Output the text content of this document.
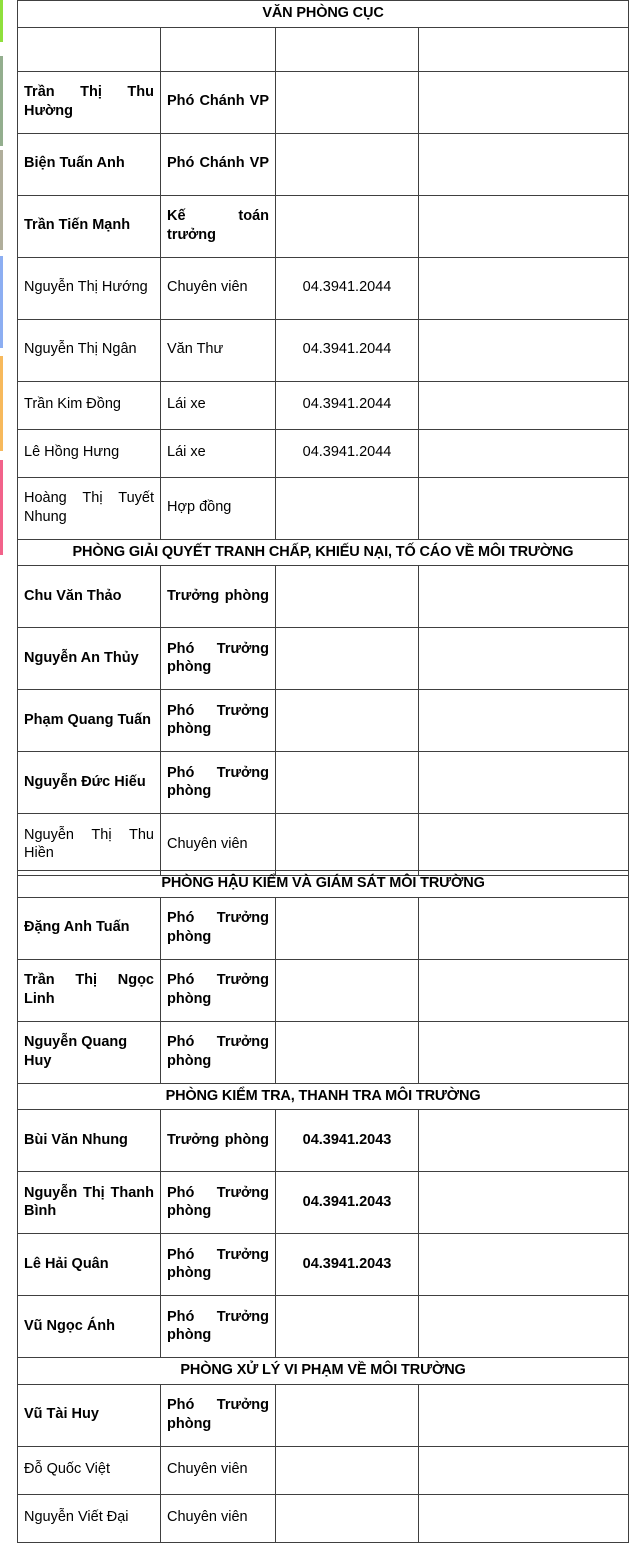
VĂN PHÒNG CỤC			

Trần Thị Thu Hường	Phó Chánh VP		
Biện Tuấn Anh	Phó Chánh VP		
Trần Tiến Mạnh	Kế toán trưởng		
Nguyễn Thị Hướng	Chuyên viên	04.3941.2044	
Nguyễn Thị Ngân	Văn Thư	04.3941.2044	
Trần Kim Đồng	Lái xe	04.3941.2044	
Lê Hồng Hưng	Lái xe	04.3941.2044	
Hoàng Thị Tuyết Nhung	Hợp đồng		
PHÒNG GIẢI QUYẾT TRANH CHẤP, KHIẾU NẠI, TỐ CÁO VỀ MÔI TRƯỜNG			
Chu Văn Thảo	Trưởng phòng		
Nguyễn An Thủy	Phó Trưởng phòng		
Phạm Quang Tuấn	Phó Trưởng phòng		
Nguyễn Đức Hiếu	Phó Trưởng phòng		
Nguyễn Thị Thu Hiền	Chuyên viên		
PHÒNG HẬU KIỂM VÀ GIÁM SÁT MÔI TRƯỜNG			
Đặng Anh Tuấn	Phó Trưởng phòng		
Trần Thị Ngọc Linh	Phó Trưởng phòng		
Nguyễn Quang Huy	Phó Trưởng phòng		
PHÒNG KIỂM TRA, THANH TRA MÔI TRƯỜNG			
Bùi Văn Nhung	Trưởng phòng	04.3941.2043	
Nguyễn Thị Thanh Bình	Phó Trưởng phòng	04.3941.2043	
Lê Hải Quân	Phó Trưởng phòng	04.3941.2043	
Vũ Ngọc Ánh	Phó Trưởng phòng		
PHÒNG XỬ LÝ VI PHẠM VỀ MÔI TRƯỜNG			
Vũ Tài Huy	Phó Trưởng phòng		
Đỗ Quốc Việt	Chuyên viên		
Nguyễn Viết Đại	Chuyên viên		
